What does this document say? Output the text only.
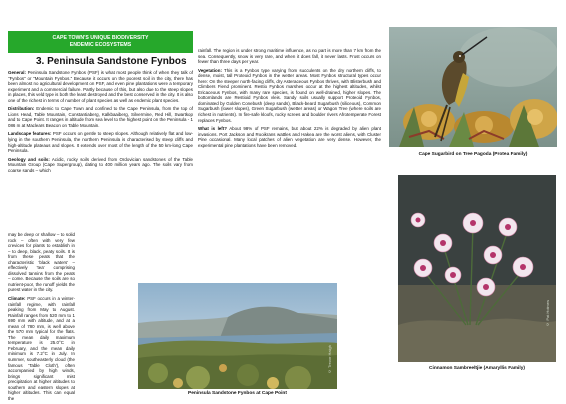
CAPE TOWN'S UNIQUE BIODIVERSITY
ENDEMIC ECOSYSTEMS
3. Peninsula Sandstone Fynbos

General: Peninsula Sandstone Fynbos (PSF) is what most people think of when they talk of "Fynbos" or "Mountain Fynbos." Because it occurs on the poorest soil in the city, there has been almost no agricultural development on PSF, and even pine plantations were a temporary experiment and a commercial failure. Partly because of this, but also due to the steep slopes in places, this veld type is both the least destroyed and the best conserved in the city. It is also one of the richest in terms of number of plant species as well as endemic plant species.

Distribution: Endemic to Cape Town and confined to the Cape Peninsula, from the top of Lions Head, Table Mountain, Constantiaberg, Kalkbaaiberg, Silvermine, Red Hill, Swartkop and to Cape Point. It ranges in altitude from sea level to the highest point on the Peninsula - 1 086 m at Maclears Beacon on Table Mountain.

Landscape features: PSF occurs on gentle to steep slopes. Although relatively flat and low-lying in the southern Peninsula, the northern Peninsula is characterised by steep cliffs and high-altitude plateaus and slopes. It extends over most of the length of the 50 km-long Cape Peninsula.

Geology and soils: Acidic, rocky soils derived from Ordovician sandstones of the Table Mountain Group (Cape Supergroup), dating to 400 million years ago. The soils vary from coarse sands – which

may be deep or shallow – to solid rock – often with very few crevices for plants to establish in – to deep, black, peaty soils. It is from these peats that the characteristic 'black waters' – effectively 'tea' comprising dissolved tannins from the peats – come. Because the soils are so nutrient-poor, the runoff yields the purest water in the city.

Climate: PSF occurs in a winter-rainfall regime, with rainfall peaking from May to August. Rainfall ranges from 520 mm to 1 690 mm with altitude, and at a mean of 780 mm, is well above the 570 mm typical for the flats. The mean daily maximum temperature is 25.0°C in February, and the mean daily minimum is 7.2°C in July. In summer, southeasterly cloud (the famous 'Table Cloth'), often accompanied by high winds, brings significant mist precipitation at higher altitudes to southern and eastern slopes at higher altitudes. This can equal the

rainfall. The region is under strong maritime influence, as no part is more than 7 km from the sea. Consequently, snow is very rare, and when it does fall, it never lasts. Frost occurs on fewer than three days per year.

Vegetation: This is a Fynbos type varying from succulents on the dry northern cliffs, to dense, moist, tall Proteoid Fynbos in the wetter areas. Most Fynbos structural types occur here: On the steeper north-facing cliffs, dry Asteraceous Fynbos thrives, with Blisterbush and Climbers Fiend prominent. Restio Fynbos marshes occur at the highest altitudes, whilst Ericaceous Fynbos, with many rare species, is found on well-drained, higher slopes. The bottomlands are Restioid Fynbos vleis. Sandy soils usually support Proteoid Fynbos, dominated by Golden Conebush (deep sands), Black-beard Sugarbush (siliceous), Common Sugarbush (lower slopes), Green Sugarbush (wetter areas) or Wagon Tree (where soils are richest in nutrients). In fire-safe kloofs, rocky screes and boulder rivers Afrotemperate Forest replaces Fynbos.

What is left? About 98% of PSF remains, but about 22% is degraded by alien plant invasions. Port Jackson and Rooikrans wattles and Hakea are the worst aliens, with Cluster Pine occasional. Many local patches of alien vegetation are very dense. However, the experimental pine plantations have been removed.

Cape Sugarbird on Tree Pagoda (Protea Family)
© Trevor Haigh
Peninsula Sandstone Fynbos at Cape Point
© Pat Holmes
Cinnamon Sambreeltjie (Amaryllis Family)
